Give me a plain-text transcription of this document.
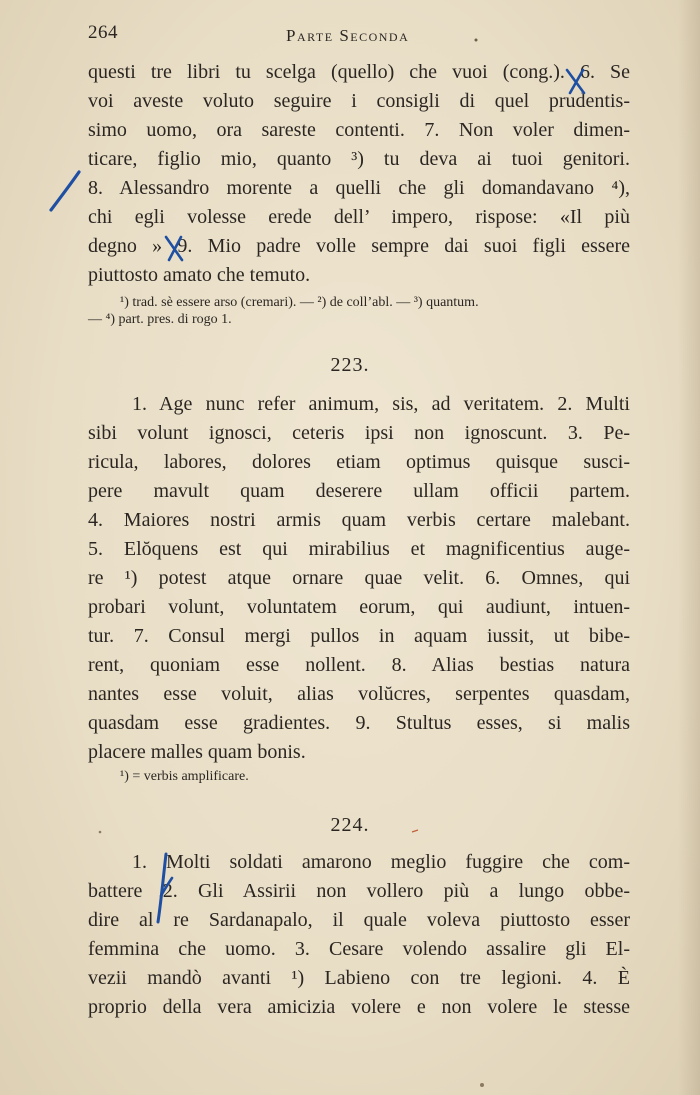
264	Parte Seconda
questi tre libri tu scelga (quello) che vuoi (cong.). 6. Se
voi aveste voluto seguire i consigli di quel prudentis-
simo uomo, ora sareste contenti. 7. Non voler dimen-
ticare, figlio mio, quanto ³) tu deva ai tuoi genitori.
8. Alessandro morente a quelli che gli domandavano ⁴),
chi egli volesse erede dell’ impero, rispose: «Il più
degno » 9. Mio padre volle sempre dai suoi figli essere
piuttosto amato che temuto.
¹) trad. sè essere arso (cremari). — ²) de coll’abl. — ³) quantum.
— ⁴) part. pres. di rogo 1.
223.
1. Age nunc refer animum, sis, ad veritatem. 2. Multi
sibi volunt ignosci, ceteris ipsi non ignoscunt. 3. Pe-
ricula, labores, dolores etiam optimus quisque susci-
pere mavult quam deserere ullam officii partem.
4. Maiores nostri armis quam verbis certare malebant.
5. Elŏquens est qui mirabilius et magnificentius auge-
re ¹) potest atque ornare quae velit. 6. Omnes, qui
probari volunt, voluntatem eorum, qui audiunt, intuen-
tur. 7. Consul mergi pullos in aquam iussit, ut bibe-
rent, quoniam esse nollent. 8. Alias bestias natura
nantes esse voluit, alias volŭcres, serpentes quasdam,
quasdam esse gradientes. 9. Stultus esses, si malis
placere malles quam bonis.
¹) = verbis amplificare.
224.
1. Molti soldati amarono meglio fuggire che com-
battere 2. Gli Assirii non vollero più a lungo obbe-
dire al re Sardanapalo, il quale voleva piuttosto esser
femmina che uomo. 3. Cesare volendo assalire gli El-
vezii mandò avanti ¹) Labieno con tre legioni. 4. È
proprio della vera amicizia volere e non volere le stesse
